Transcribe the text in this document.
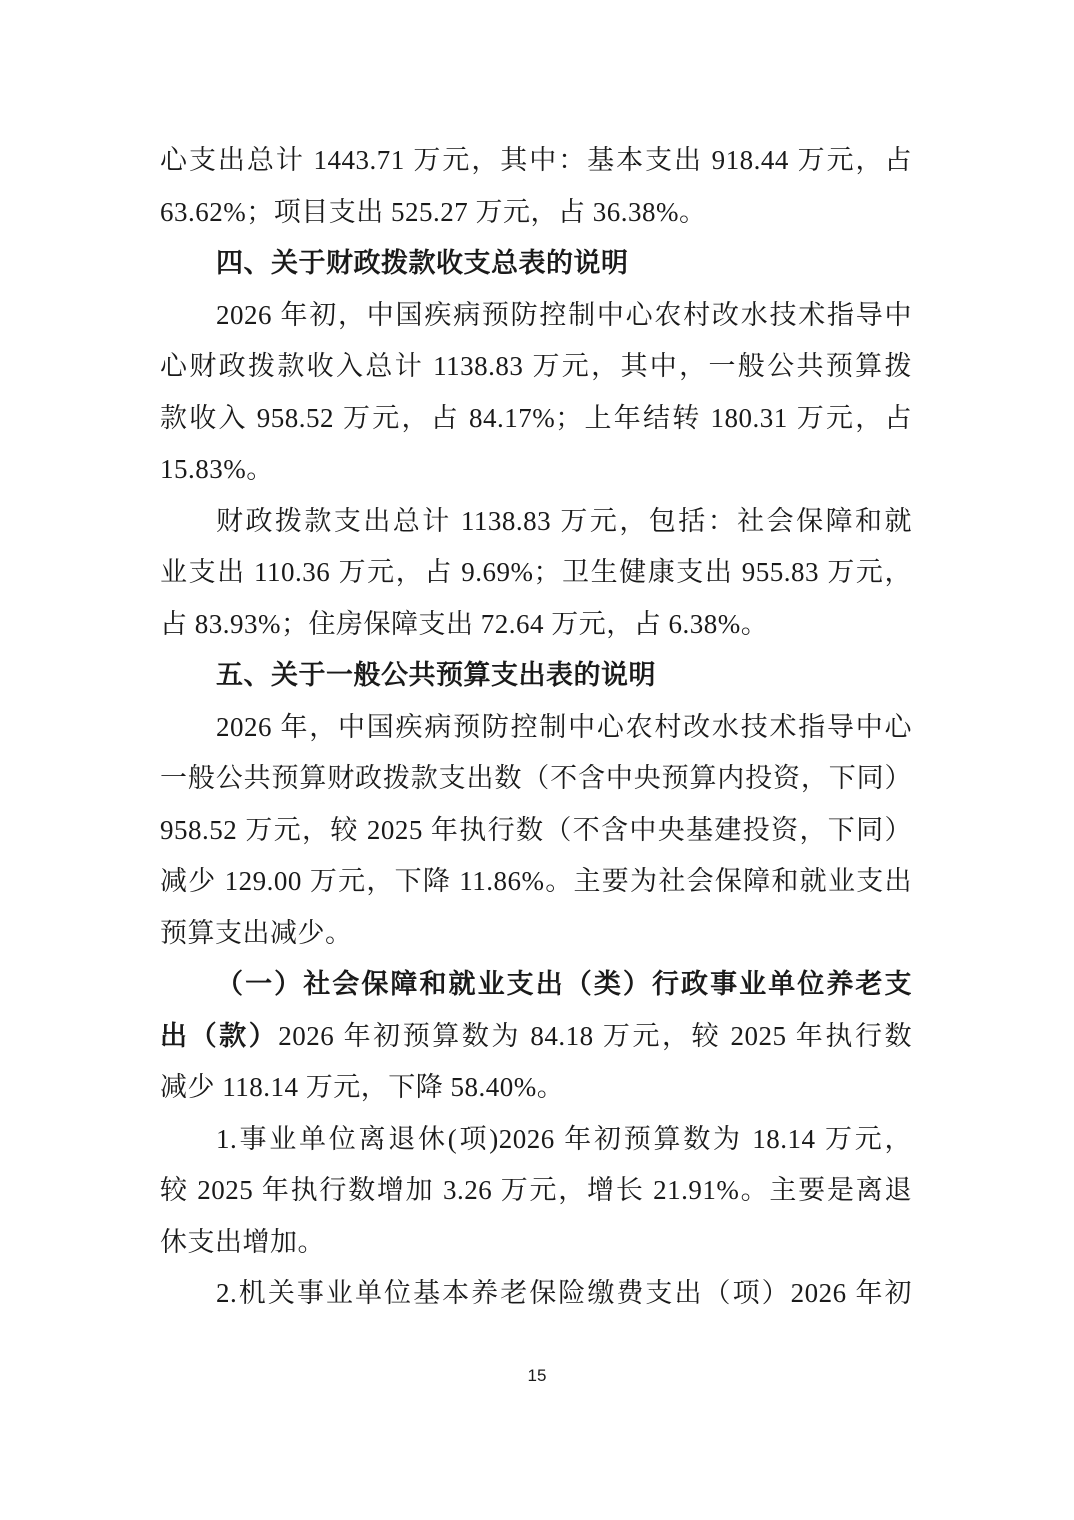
心支出总计 1443.71 万元，其中：基本支出 918.44 万元，占
63.62%；项目支出 525.27 万元，占 36.38%。
四、关于财政拨款收支总表的说明
2026 年初，中国疾病预防控制中心农村改水技术指导中
心财政拨款收入总计 1138.83 万元，其中，一般公共预算拨
款收入 958.52 万元，占 84.17%；上年结转 180.31 万元，占
15.83%。
财政拨款支出总计 1138.83 万元，包括：社会保障和就
业支出 110.36 万元，占 9.69%；卫生健康支出 955.83 万元，
占 83.93%；住房保障支出 72.64 万元，占 6.38%。
五、关于一般公共预算支出表的说明
2026 年，中国疾病预防控制中心农村改水技术指导中心
一般公共预算财政拨款支出数（不含中央预算内投资，下同）
958.52 万元，较 2025 年执行数（不含中央基建投资，下同）
减少 129.00 万元，下降 11.86%。主要为社会保障和就业支出
预算支出减少。
（一）社会保障和就业支出（类）行政事业单位养老支
出（款）2026 年初预算数为 84.18 万元，较 2025 年执行数
减少 118.14 万元，下降 58.40%。
1.事业单位离退休(项)2026 年初预算数为 18.14 万元，
较 2025 年执行数增加 3.26 万元，增长 21.91%。主要是离退
休支出增加。
2.机关事业单位基本养老保险缴费支出（项）2026 年初
15
